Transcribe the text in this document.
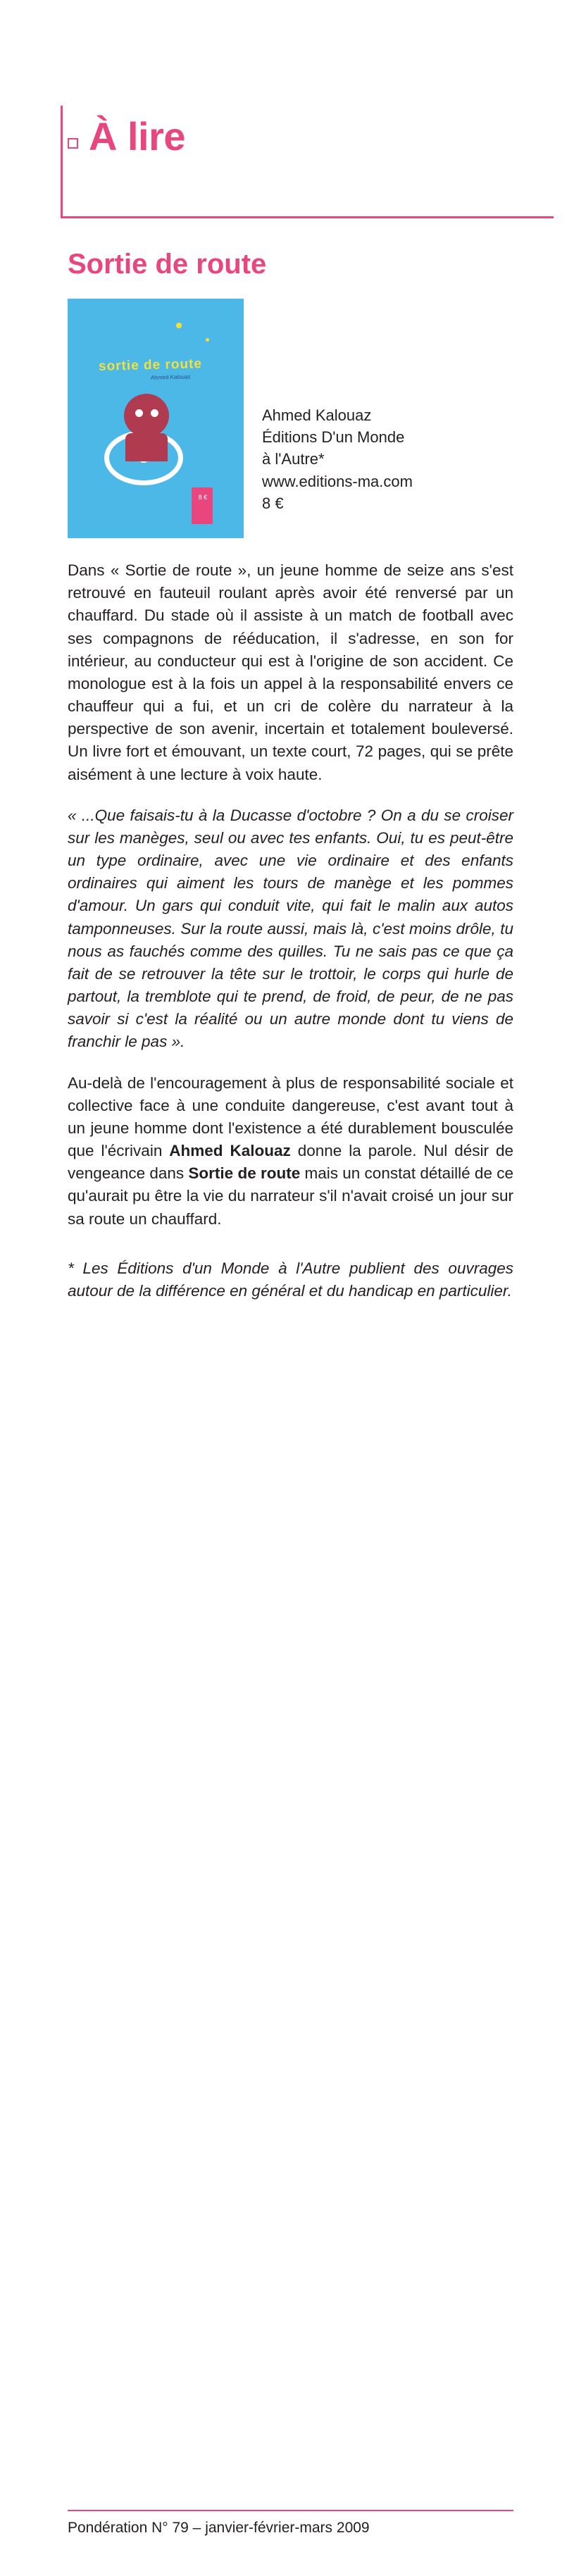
À lire
Sortie de route
sortie de route
Ahmed Kalouaz
8 €
Ahmed Kalouaz
Éditions D'un Monde
à l'Autre*
www.editions-ma.com
8 €

Dans « Sortie de route », un jeune homme de seize ans s'est retrouvé en fauteuil roulant après avoir été renversé par un chauffard. Du stade où il assiste à un match de football avec ses compagnons de rééducation, il s'adresse, en son for intérieur, au conducteur qui est à l'origine de son accident. Ce monologue est à la fois un appel à la responsabilité envers ce chauffeur qui a fui, et un cri de colère du narrateur à la perspective de son avenir, incertain et totalement bouleversé. Un livre fort et émouvant, un texte court, 72 pages, qui se prête aisément à une lecture à voix haute.

« ...Que faisais-tu à la Ducasse d'octobre ? On a du se croiser sur les manèges, seul ou avec tes enfants. Oui, tu es peut-être un type ordinaire, avec une vie ordinaire et des enfants ordinaires qui aiment les tours de manège et les pommes d'amour. Un gars qui conduit vite, qui fait le malin aux autos tamponneuses. Sur la route aussi, mais là, c'est moins drôle, tu nous as fauchés comme des quilles. Tu ne sais pas ce que ça fait de se retrouver la tête sur le trottoir, le corps qui hurle de partout, la tremblote qui te prend, de froid, de peur, de ne pas savoir si c'est la réalité ou un autre monde dont tu viens de franchir le pas ».

Au-delà de l'encouragement à plus de responsabilité sociale et collective face à une conduite dangereuse, c'est avant tout à un jeune homme dont l'existence a été durablement bousculée que l'écrivain Ahmed Kalouaz donne la parole. Nul désir de vengeance dans Sortie de route mais un constat détaillé de ce qu'aurait pu être la vie du narrateur s'il n'avait croisé un jour sur sa route un chauffard.

* Les Éditions d'un Monde à l'Autre publient des ouvrages autour de la différence en général et du handicap en particulier.

Pondération N° 79 – janvier-février-mars 2009
